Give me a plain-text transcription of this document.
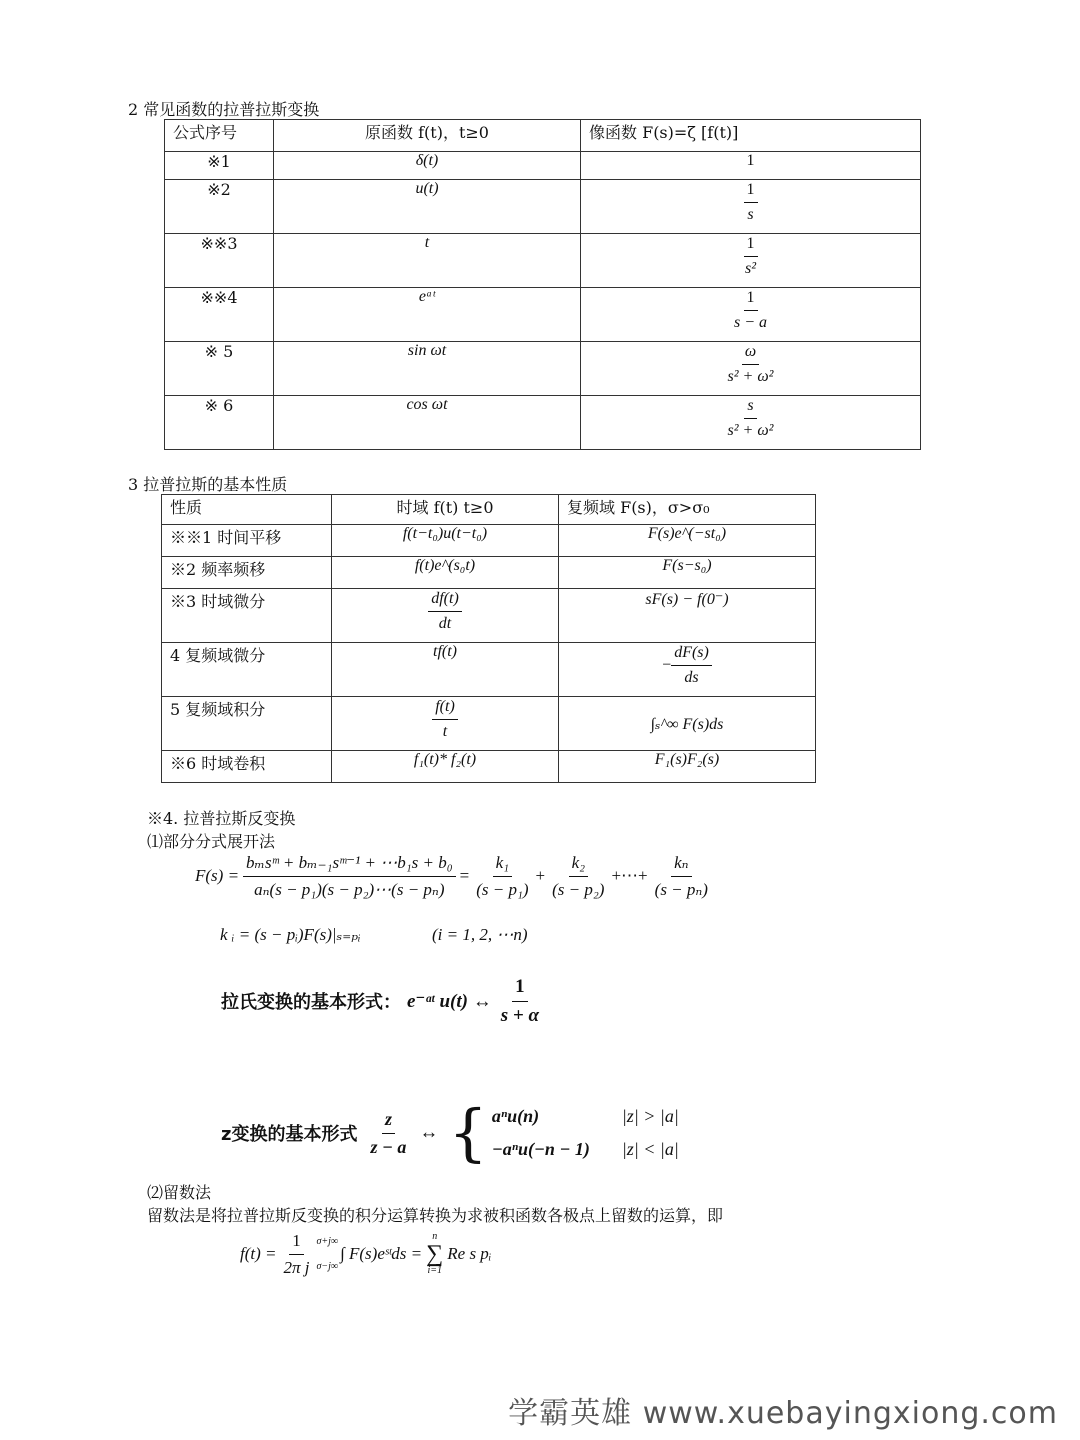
2 常见函数的拉普拉斯变换
公式序号	原函数 f(t)，t≥0	像函数 F(s)=ζ [f(t)]
※1	δ(t)	1
※2	u(t)	$\frac{1}{s}$

※※3	t	$\frac{1}{\text{s²}}$

※※4	eᵃᵗ	$\frac{1}{s - a}$

※ 5	sin ωt	$\frac{\omega}{\text{s² + ω²}}$

※ 6	cos ωt	$\frac{s}{\text{s² + ω²}}$
3 拉普拉斯的基本性质
性质	时域 f(t) t≥0	复频域 F(s)，σ>σ₀
※※1 时间平移	f(t−t₀)u(t−t₀)	F(s)e^(−st₀)
※2 频率频移	f(t)e^(s₀t)	F(s−s₀)
※3 时域微分	$\frac{df(t)}{dt}$	sF(s) − f(0⁻)
4 复频域微分	tf(t)	− $\frac{dF(s)}{ds}$

5 复频域积分	$\frac{f(t)}{t}$	∫ₛ^∞ F(s)ds
※6 时域卷积	f₁(t)* f₂(t)	F₁(s)F₂(s)
※4. 拉普拉斯反变换
⑴部分分式展开法
$F(s) = \frac{\text{bₘsᵐ + bₘ₋₁sᵐ⁻¹ + ⋯b₁s + b₀}}{\text{aₙ(s − p₁)(s − p₂)⋯(s − pₙ)}} = \frac{\text{k₁}}{\text{(s − p₁)}} + \frac{\text{k₂}}{\text{(s − p₂)}}$ +⋯+ $\frac{\text{kₙ}}{\text{(s − pₙ)}}$
k ᵢ = (s − pᵢ)F(s)|ₛ₌ₚᵢ	(i = 1, 2, ⋯n)
拉氏变换的基本形式： e⁻ᵅᵗ u(t) ↔ $\frac{1}{s + \alpha}$
z变换的基本形式 $\frac{z}{z - a}$ ↔ { aⁿu(n)	|z| > |a|
−aⁿu(−n − 1)	|z| < |a|
⑵留数法
留数法是将拉普拉斯反变换的积分运算转换为求被积函数各极点上留数的运算，即
$f(t) = \frac{1}{\text{2π j}} \sigma+j\infty$
σ−j∞
∫ F(s)eˢᵗds =
n
∑
i=1
Re s pᵢ
学霸英雄 www.xuebayingxiong.com
